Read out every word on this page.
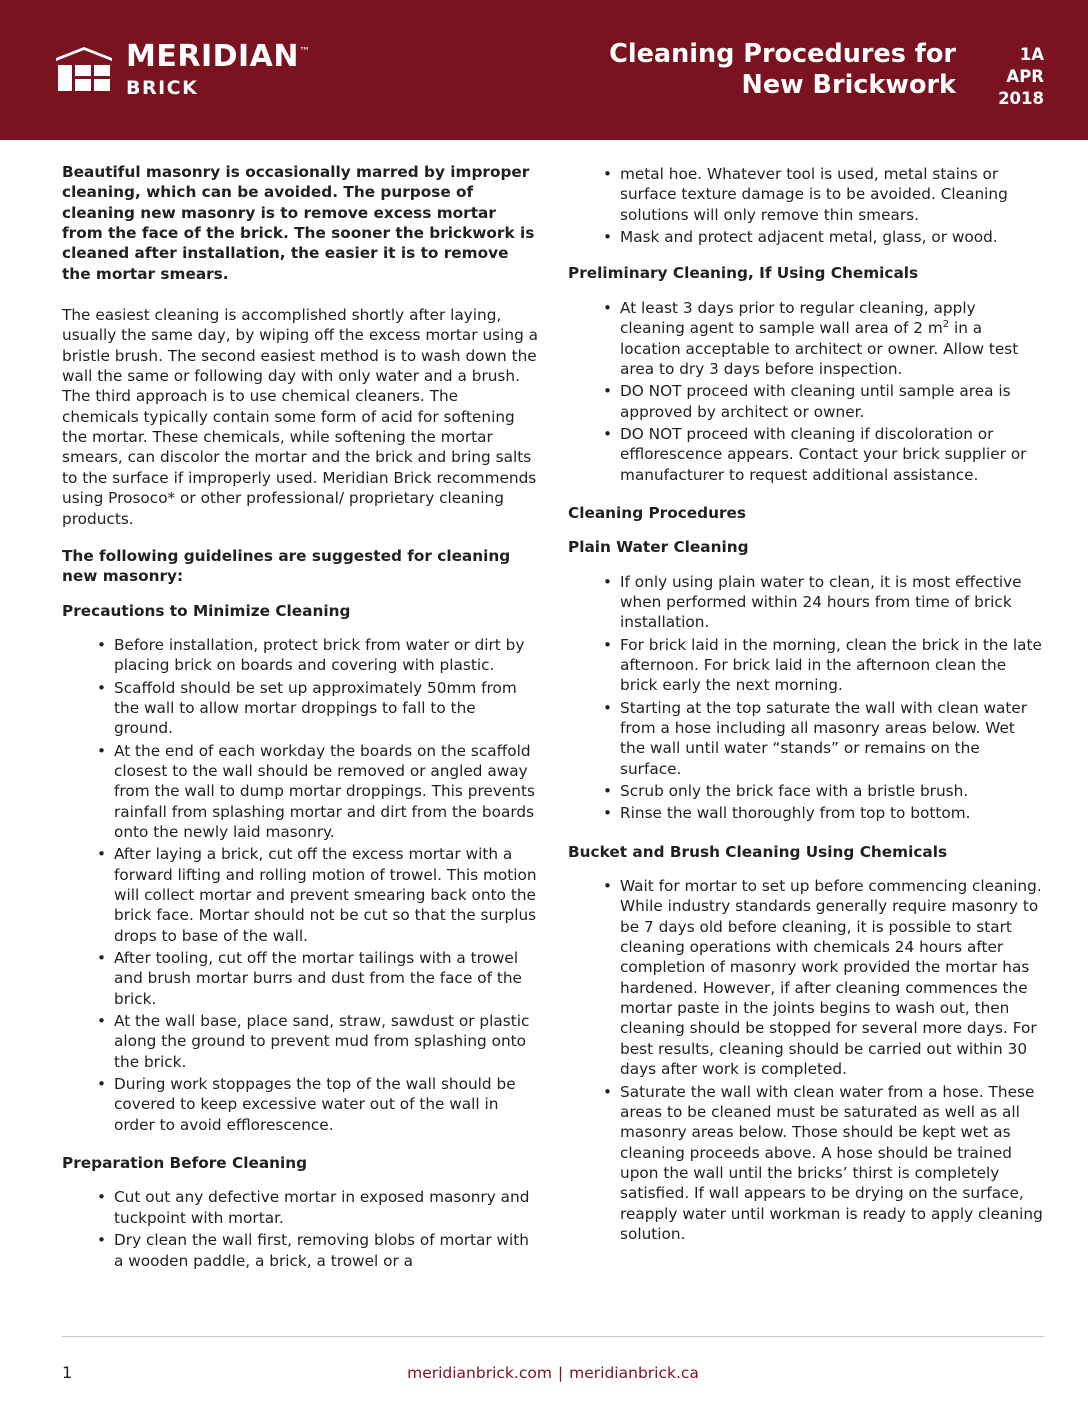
MERIDIAN™
BRICK
Cleaning Procedures for
New Brickwork
1A
APR
2018

Beautiful masonry is occasionally marred by improper cleaning, which can be avoided. The purpose of cleaning new masonry is to remove excess mortar from the face of the brick. The sooner the brickwork is cleaned after installation, the easier it is to remove the mortar smears.

The easiest cleaning is accomplished shortly after laying, usually the same day, by wiping off the excess mortar using a bristle brush. The second easiest method is to wash down the wall the same or following day with only water and a brush. The third approach is to use chemical cleaners. The chemicals typically contain some form of acid for softening the mortar. These chemicals, while softening the mortar smears, can discolor the mortar and the brick and bring salts to the surface if improperly used. Meridian Brick recommends using Prosoco* or other professional/ proprietary cleaning products.

The following guidelines are suggested for cleaning new masonry:
Precautions to Minimize Cleaning
• Before installation, protect brick from water or dirt by placing brick on boards and covering with plastic.
• Scaffold should be set up approximately 50mm from the wall to allow mortar droppings to fall to the ground.
• At the end of each workday the boards on the scaffold closest to the wall should be removed or angled away from the wall to dump mortar droppings. This prevents rainfall from splashing mortar and dirt from the boards onto the newly laid masonry.
• After laying a brick, cut off the excess mortar with a forward lifting and rolling motion of trowel. This motion will collect mortar and prevent smearing back onto the brick face. Mortar should not be cut so that the surplus drops to base of the wall.
• After tooling, cut off the mortar tailings with a trowel and brush mortar burrs and dust from the face of the brick.
• At the wall base, place sand, straw, sawdust or plastic along the ground to prevent mud from splashing onto the brick.
• During work stoppages the top of the wall should be covered to keep excessive water out of the wall in order to avoid efflorescence.
Preparation Before Cleaning
• Cut out any defective mortar in exposed masonry and tuckpoint with mortar.
• Dry clean the wall first, removing blobs of mortar with a wooden paddle, a brick, a trowel or a
• metal hoe. Whatever tool is used, metal stains or surface texture damage is to be avoided. Cleaning solutions will only remove thin smears.
• Mask and protect adjacent metal, glass, or wood.
Preliminary Cleaning, If Using Chemicals
• At least 3 days prior to regular cleaning, apply cleaning agent to sample wall area of 2 $m^2$ in a location acceptable to architect or owner. Allow test area to dry 3 days before inspection.
• DO NOT proceed with cleaning until sample area is approved by architect or owner.
• DO NOT proceed with cleaning if discoloration or efflorescence appears. Contact your brick supplier or manufacturer to request additional assistance.
Cleaning Procedures
Plain Water Cleaning
• If only using plain water to clean, it is most effective when performed within 24 hours from time of brick installation.
• For brick laid in the morning, clean the brick in the late afternoon. For brick laid in the afternoon clean the brick early the next morning.
• Starting at the top saturate the wall with clean water from a hose including all masonry areas below. Wet the wall until water “stands” or remains on the surface.
• Scrub only the brick face with a bristle brush.
• Rinse the wall thoroughly from top to bottom.
Bucket and Brush Cleaning Using Chemicals
• Wait for mortar to set up before commencing cleaning. While industry standards generally require masonry to be 7 days old before cleaning, it is possible to start cleaning operations with chemicals 24 hours after completion of masonry work provided the mortar has hardened. However, if after cleaning commences the mortar paste in the joints begins to wash out, then cleaning should be stopped for several more days. For best results, cleaning should be carried out within 30 days after work is completed.
• Saturate the wall with clean water from a hose. These areas to be cleaned must be saturated as well as all masonry areas below. Those should be kept wet as cleaning proceeds above. A hose should be trained upon the wall until the bricks’ thirst is completely satisfied. If wall appears to be drying on the surface, reapply water until workman is ready to apply cleaning solution.
1	meridianbrick.com | meridianbrick.ca
